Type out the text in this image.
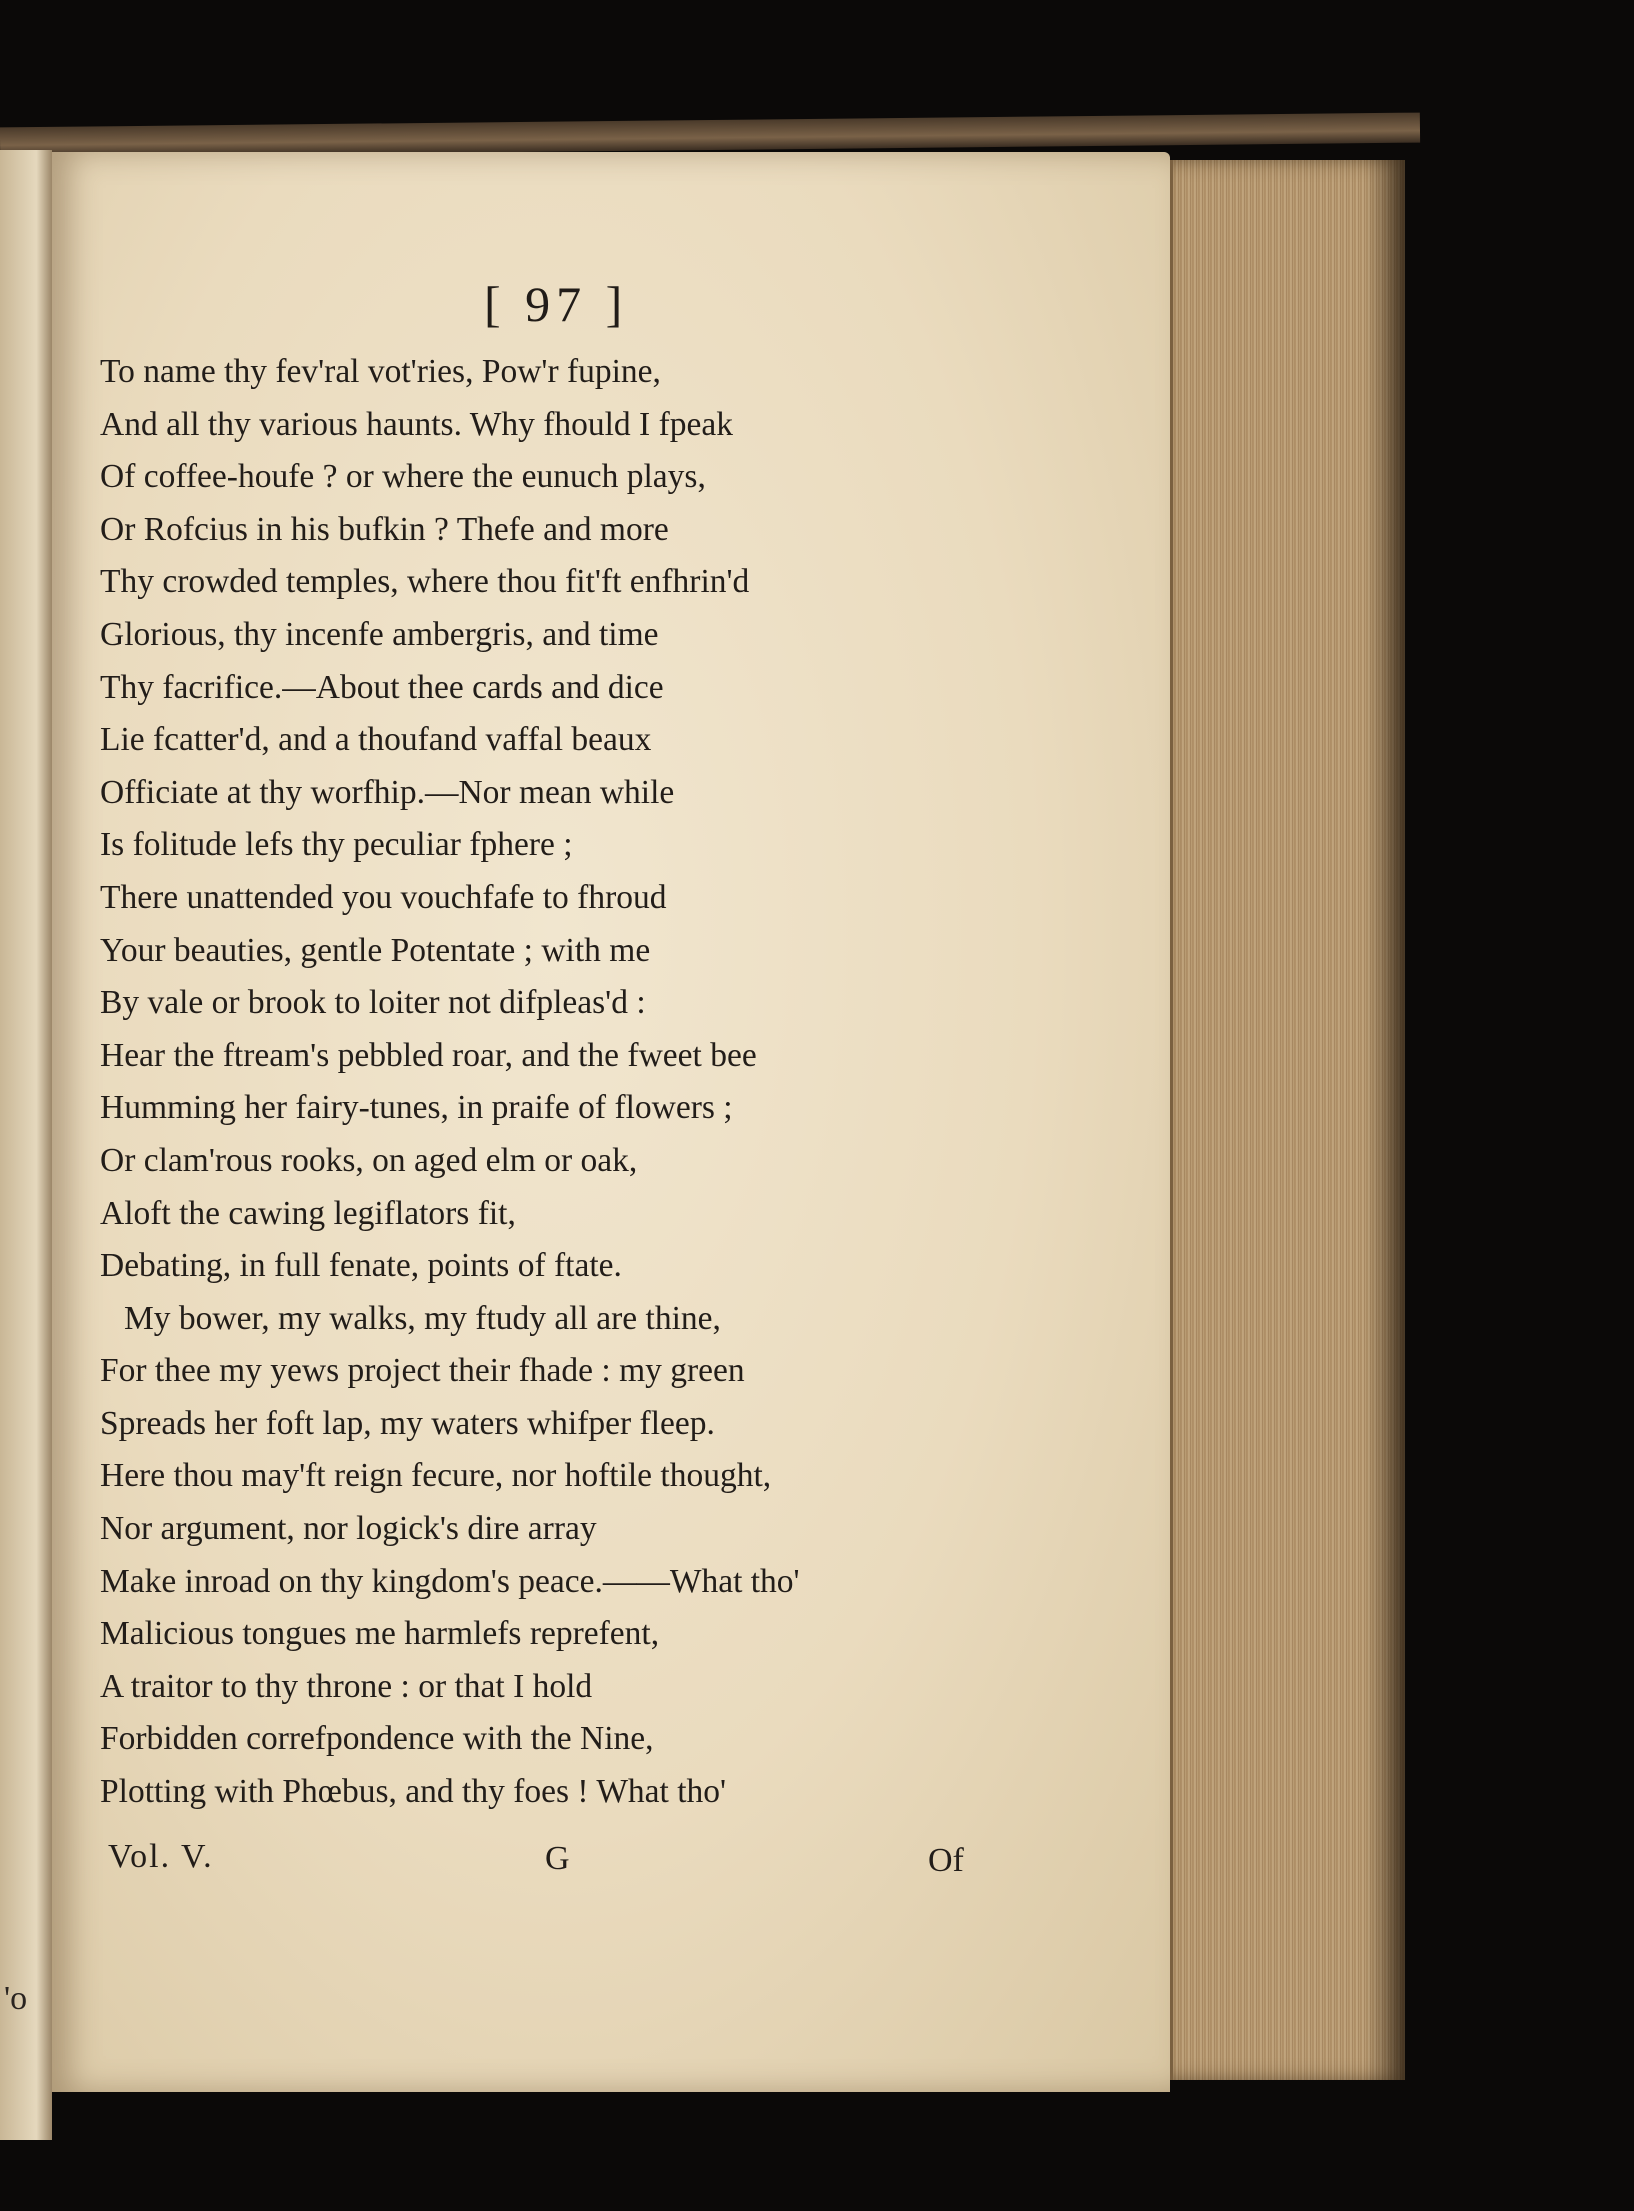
'o
[ 97 ]
To name thy fev'ral vot'ries, Pow'r fupine,
And all thy various haunts. Why fhould I fpeak
Of coffee-houfe ? or where the eunuch plays,
Or Rofcius in his bufkin ? Thefe and more
Thy crowded temples, where thou fit'ft enfhrin'd
Glorious, thy incenfe ambergris, and time
Thy facrifice.—About thee cards and dice
Lie fcatter'd, and a thoufand vaffal beaux
Officiate at thy worfhip.—Nor mean while
Is folitude lefs thy peculiar fphere ;
There unattended you vouchfafe to fhroud
Your beauties, gentle Potentate ; with me
By vale or brook to loiter not difpleas'd :
Hear the ftream's pebbled roar, and the fweet bee
Humming her fairy-tunes, in praife of flowers ;
Or clam'rous rooks, on aged elm or oak,
Aloft the cawing legiflators fit,
Debating, in full fenate, points of ftate.
My bower, my walks, my ftudy all are thine,
For thee my yews project their fhade : my green
Spreads her foft lap, my waters whifper fleep.
Here thou may'ft reign fecure, nor hoftile thought,
Nor argument, nor logick's dire array
Make inroad on thy kingdom's peace.——What tho'
Malicious tongues me harmlefs reprefent,
A traitor to thy throne : or that I hold
Forbidden correfpondence with the Nine,
Plotting with Phœbus, and thy foes ! What tho'
Vol. V.	G	Of
